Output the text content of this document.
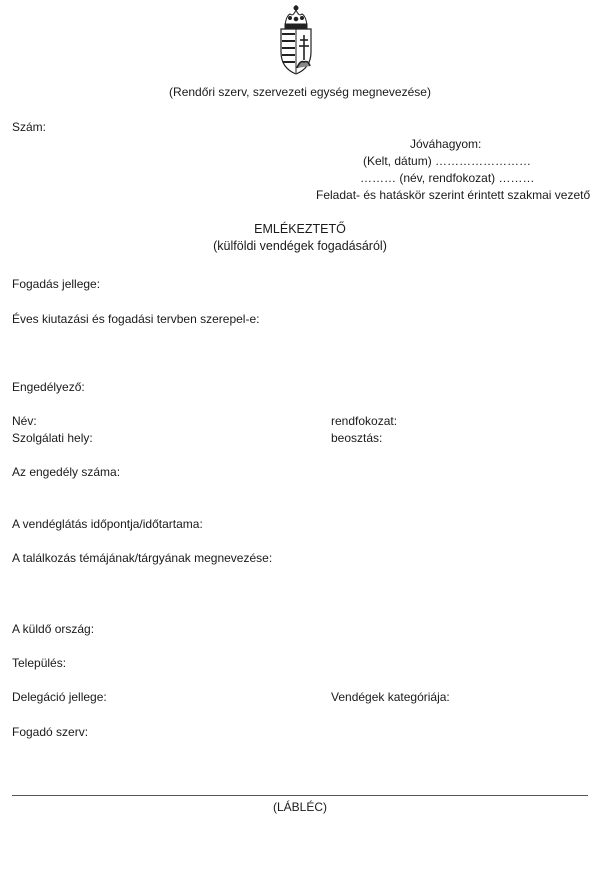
(Rendőri szerv, szervezeti egység megnevezése)
Szám:
Jóváhagyom:
(Kelt, dátum) ……………………
……… (név, rendfokozat) ………
Feladat- és hatáskör szerint érintett szakmai vezető
EMLÉKEZTETŐ
(külföldi vendégek fogadásáról)
Fogadás jellege:
Éves kiutazási és fogadási tervben szerepel-e:
Engedélyező:
Név:	rendfokozat:
Szolgálati hely:	beosztás:
Az engedély száma:
A vendéglátás időpontja/időtartama:
A találkozás témájának/tárgyának megnevezése:
A küldő ország:
Település:
Delegáció jellege:	Vendégek kategóriája:
Fogadó szerv:
(LÁBLÉC)
